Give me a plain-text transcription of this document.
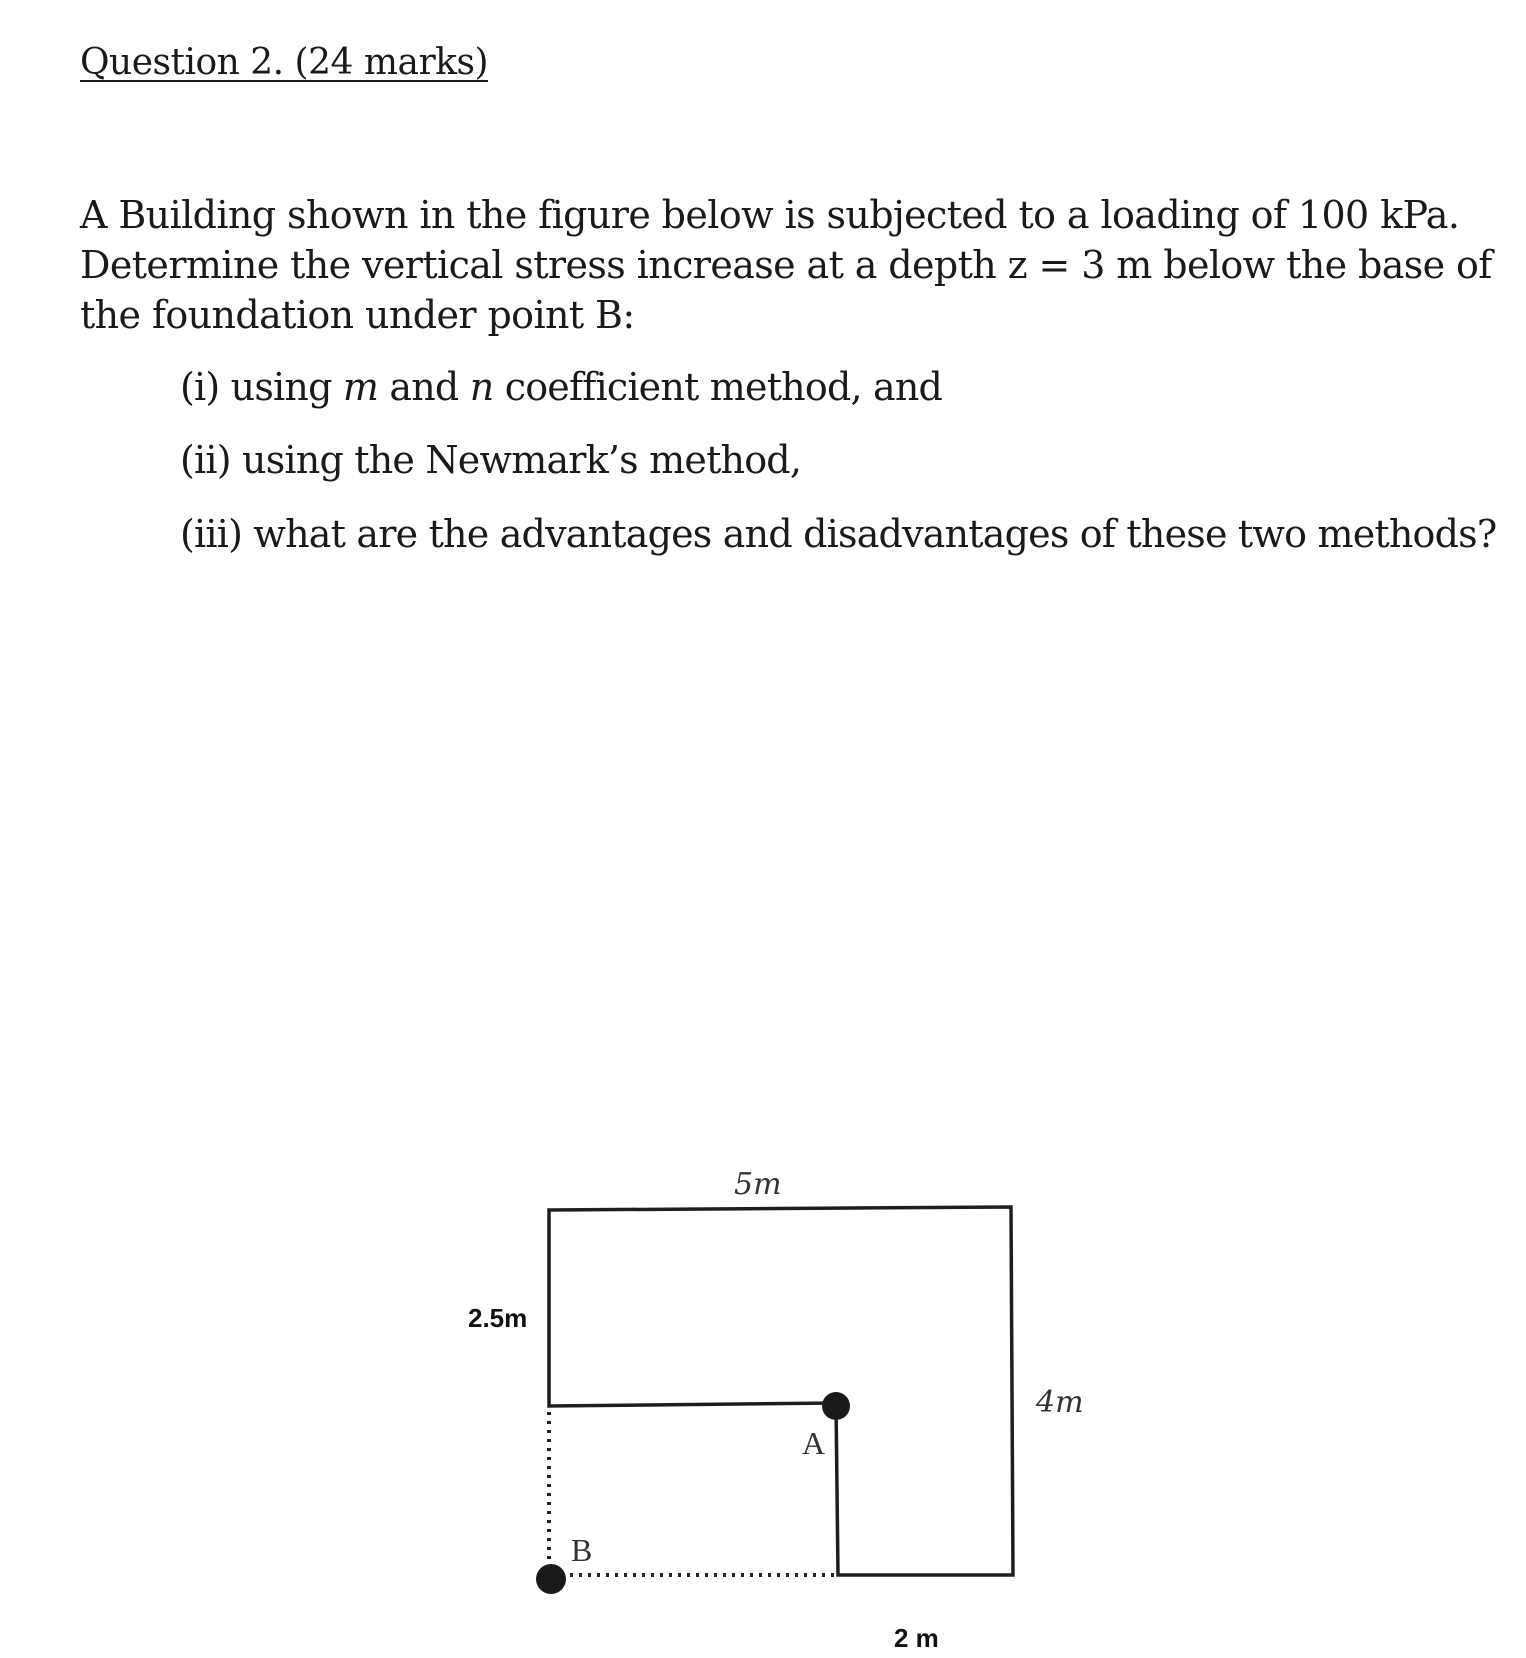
Question 2. (24 marks)
A Building shown in the figure below is subjected to a loading of 100 kPa.
Determine the vertical stress increase at a depth z = 3 m below the base of
the foundation under point B:
(i) using m and n coefficient method, and
(ii) using the Newmark’s method,
(iii) what are the advantages and disadvantages of these two methods?
5m
2.5m
4m
2 m
A
B
